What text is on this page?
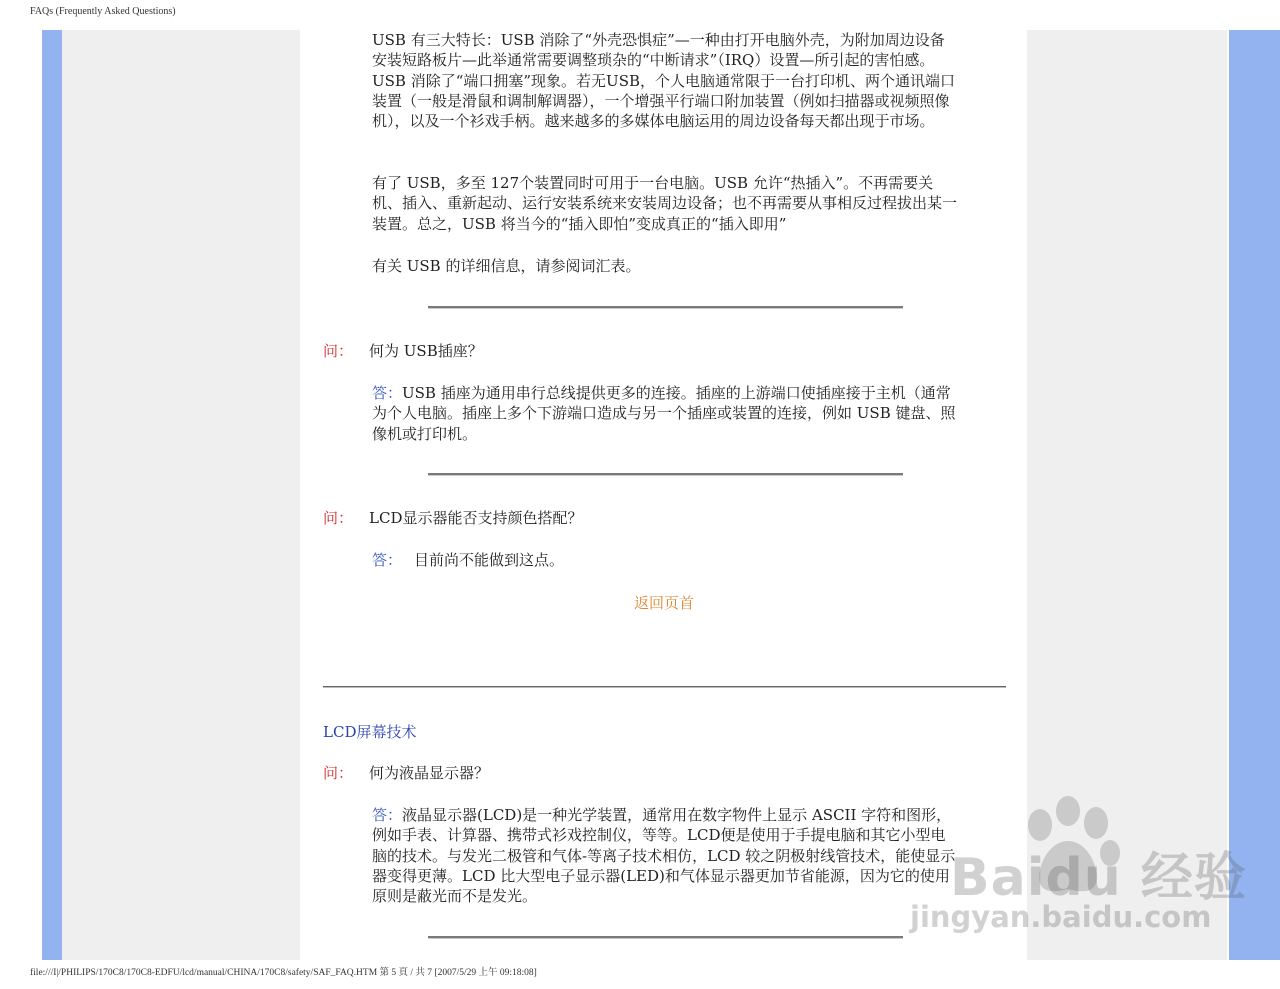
FAQs (Frequently Asked Questions)

USB 有三大特长：USB 消除了“外壳恐惧症”—一种由打开电脑外壳，为附加周边设备安装短路板片—此举通常需要调整琐杂的“中断请求”（IRQ）设置—所引起的害怕感。USB 消除了“端口拥塞”现象。若无USB，个人电脑通常限于一台打印机、两个通讯端口装置（一般是滑鼠和调制解调器），一个增强平行端口附加装置（例如扫描器或视频照像机），以及一个衫戏手柄。越来越多的多媒体电脑运用的周边设备每天都出现于市场。

有了 USB，多至 127个装置同时可用于一台电脑。USB 允许“热插入”。不再需要关机、插入、重新起动、运行安装系统来安装周边设备；也不再需要从事相反过程拔出某一装置。总之，USB 将当今的“插入即怕”变成真正的“插入即用”

有关 USB 的详细信息，请参阅词汇表。

问： 何为 USB插座？

答：USB 插座为通用串行总线提供更多的连接。插座的上游端口使插座接于主机（通常为个人电脑。插座上多个下游端口造成与另一个插座或装置的连接，例如 USB 键盘、照像机或打印机。

问： LCD显示器能否支持颜色搭配？

答： 目前尚不能做到这点。

返回页首
LCD屏幕技术
问： 何为液晶显示器？

答：液晶显示器(LCD)是一种光学装置，通常用在数字物件上显示 ASCII 字符和图形，例如手表、计算器、携带式衫戏控制仪，等等。LCD便是使用于手提电脑和其它小型电脑的技术。与发光二极管和气体-等离子技术相仿，LCD 较之阴极射线管技术，能使显示器变得更薄。LCD 比大型电子显示器(LED)和气体显示器更加节省能源，因为它的使用原则是蔽光而不是发光。	Baidu 经验
jingyan.baidu.com
file:///I|/PHILIPS/170C8/170C8-EDFU/lcd/manual/CHINA/170C8/safety/SAF_FAQ.HTM 第 5 頁 / 共 7 [2007/5/29 上午 09:18:08]
